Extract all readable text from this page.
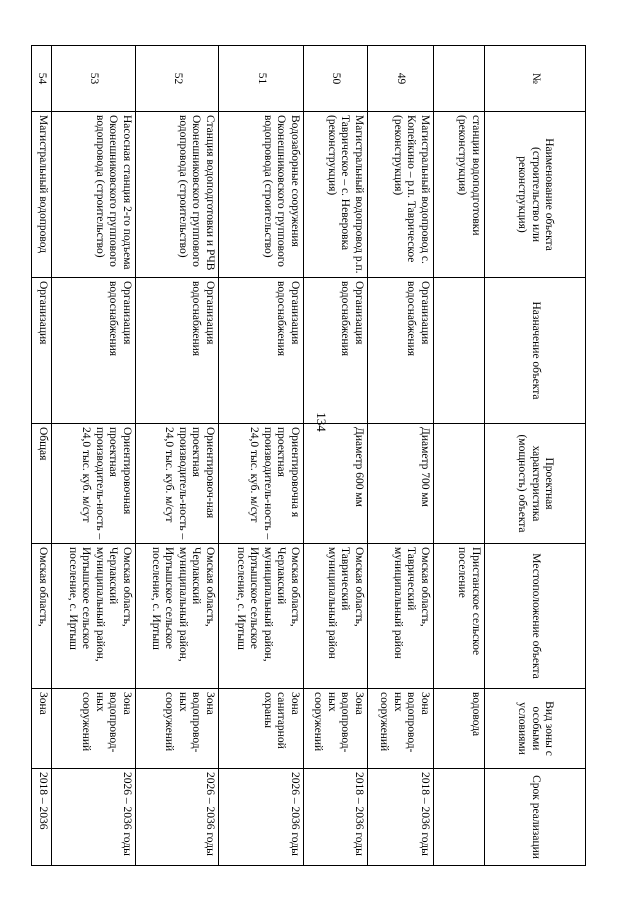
134
№	Наименование объекта (строительство или реконструкция)	Назначение объекта	Проектная характеристика (мощность) объекта	Местоположение объекта	Вид зоны с особыми условиями	Срок реализации
	станции водоподготовки (реконструкция)			Пристанское сельское поселение	водовода	
49	Магистральный водопровод с. Копейкино – р.п. Таврическое (реконструкция)	Организация водоснабжения	Диаметр 700 мм	Омская область, Таврический муниципальный район	Зона водопровод-ных сооружений	2018 – 2036 годы
50	Магистральный водопровод р.п. Таврическое – с. Неверовка (реконструкция)	Организация водоснабжения	Диаметр 600 мм	Омская область, Таврический муниципальный район	Зона водопровод-ных сооружений	2018 – 2036 годы
51	Водозаборные сооружения Оконешниковского группового водопровода (строительство)	Организация водоснабжения	Ориентировочна я проектная производитель-ность – 24,0 тыс. куб. м/сут	Омская область, Черлакский муниципальный район, Иртышское сельское поселение, с. Иртыш	Зона санитарной охраны	2026 – 2036 годы
52	Станция водоподготовки и РЧВ Оконешниковского группового водопровода (строительство)	Организация водоснабжения	Ориентировоч-ная проектная производитель-ность – 24,0 тыс. куб. м/сут	Омская область, Черлакский муниципальный район, Иртышское сельское поселение, с. Иртыш	Зона водопровод-ных сооружений	2026 – 2036 годы
53	Насосная станция 2-го подъема Оконешниковского группового водопровода (строительство)	Организация водоснабжения	Ориентировочная проектная производитель-ность – 24,0 тыс. куб. м/сут	Омская область, Черлакский муниципальный район, Иртышское сельское поселение, с. Иртыш	Зона водопровод-ных сооружений	2026 – 2036 годы
54	Магистральный водопровод	Организация	Общая	Омская область,	Зона	2018 – 2036
